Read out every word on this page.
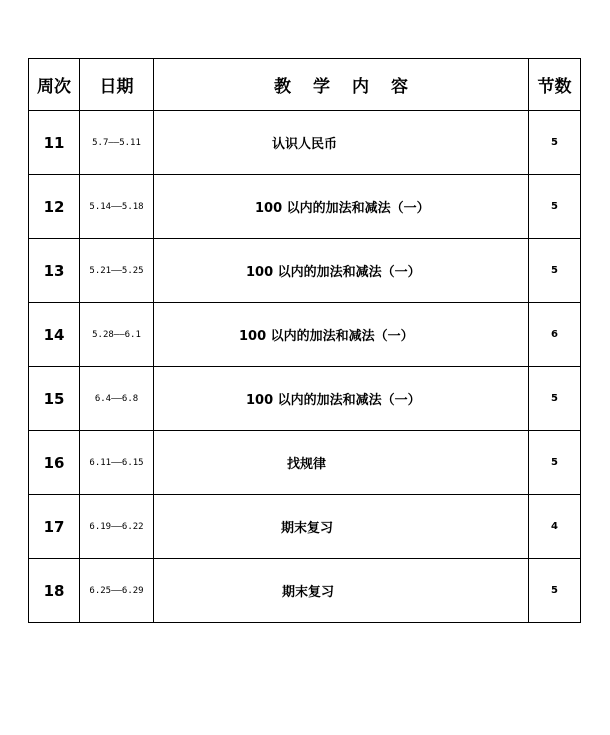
周次	日期	教学内容	节数
11	5.7——5.11	认识人民币	5
12	5.14——5.18	100 以内的加法和减法（一）	5
13	5.21——5.25	100 以内的加法和减法（一）	5
14	5.28——6.1	100 以内的加法和减法（一）	6
15	6.4——6.8	100 以内的加法和减法（一）	5
16	6.11——6.15	找规律	5
17	6.19——6.22	期末复习	4
18	6.25——6.29	期末复习	5
